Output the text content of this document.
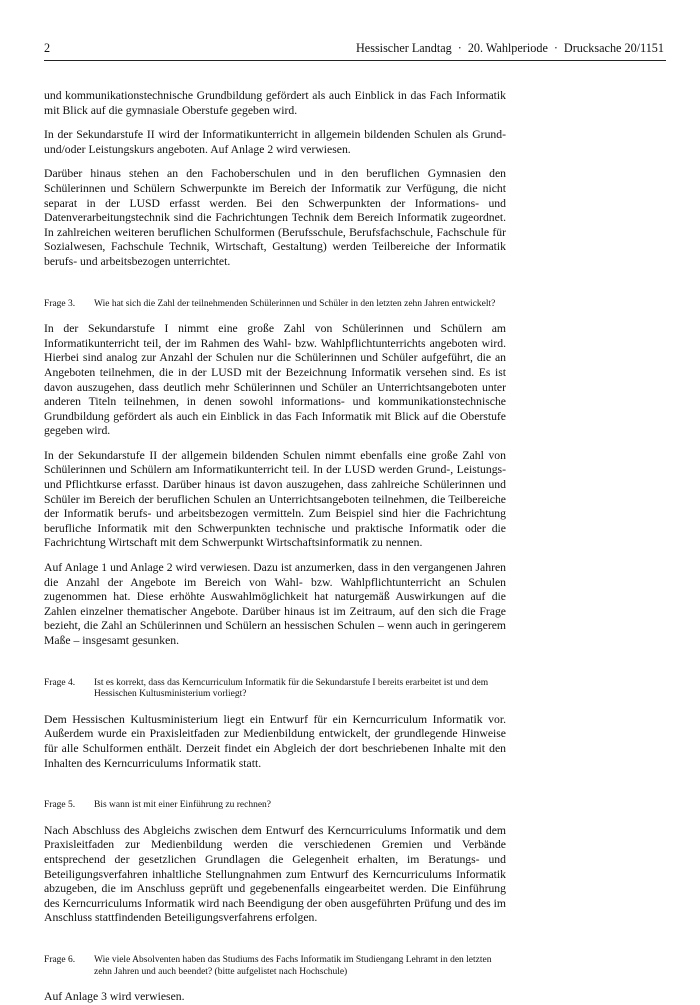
2	Hessischer Landtag · 20. Wahlperiode · Drucksache 20/1151

und kommunikationstechnische Grundbildung gefördert als auch Einblick in das Fach Informatik mit Blick auf die gymnasiale Oberstufe gegeben wird.

In der Sekundarstufe II wird der Informatikunterricht in allgemein bildenden Schulen als Grund- und/oder Leistungskurs angeboten. Auf Anlage 2 wird verwiesen.

Darüber hinaus stehen an den Fachoberschulen und in den beruflichen Gymnasien den Schülerinnen und Schülern Schwerpunkte im Bereich der Informatik zur Verfügung, die nicht separat in der LUSD erfasst werden. Bei den Schwerpunkten der Informations- und Datenverarbeitungstechnik sind die Fachrichtungen Technik dem Bereich Informatik zugeordnet. In zahlreichen weiteren beruflichen Schulformen (Berufsschule, Berufsfachschule, Fachschule für Sozialwesen, Fachschule Technik, Wirtschaft, Gestaltung) werden Teilbereiche der Informatik berufs- und arbeitsbezogen unterrichtet.

Frage 3.	Wie hat sich die Zahl der teilnehmenden Schülerinnen und Schüler in den letzten zehn Jahren entwickelt?

In der Sekundarstufe I nimmt eine große Zahl von Schülerinnen und Schülern am Informatikunterricht teil, der im Rahmen des Wahl- bzw. Wahlpflichtunterrichts angeboten wird. Hierbei sind analog zur Anzahl der Schulen nur die Schülerinnen und Schüler aufgeführt, die an Angeboten teilnehmen, die in der LUSD mit der Bezeichnung Informatik versehen sind. Es ist davon auszugehen, dass deutlich mehr Schülerinnen und Schüler an Unterrichtsangeboten unter anderen Titeln teilnehmen, in denen sowohl informations- und kommunikationstechnische Grundbildung gefördert als auch ein Einblick in das Fach Informatik mit Blick auf die Oberstufe gegeben wird.

In der Sekundarstufe II der allgemein bildenden Schulen nimmt ebenfalls eine große Zahl von Schülerinnen und Schülern am Informatikunterricht teil. In der LUSD werden Grund-, Leistungs- und Pflichtkurse erfasst. Darüber hinaus ist davon auszugehen, dass zahlreiche Schülerinnen und Schüler im Bereich der beruflichen Schulen an Unterrichtsangeboten teilnehmen, die Teilbereiche der Informatik berufs- und arbeitsbezogen vermitteln. Zum Beispiel sind hier die Fachrichtung berufliche Informatik mit den Schwerpunkten technische und praktische Informatik oder die Fachrichtung Wirtschaft mit dem Schwerpunkt Wirtschaftsinformatik zu nennen.

Auf Anlage 1 und Anlage 2 wird verwiesen. Dazu ist anzumerken, dass in den vergangenen Jahren die Anzahl der Angebote im Bereich von Wahl- bzw. Wahlpflichtunterricht an Schulen zugenommen hat. Diese erhöhte Auswahlmöglichkeit hat naturgemäß Auswirkungen auf die Zahlen einzelner thematischer Angebote. Darüber hinaus ist im Zeitraum, auf den sich die Frage bezieht, die Zahl an Schülerinnen und Schülern an hessischen Schulen – wenn auch in geringerem Maße – insgesamt gesunken.

Frage 4.	Ist es korrekt, dass das Kerncurriculum Informatik für die Sekundarstufe I bereits erarbeitet ist und dem Hessischen Kultusministerium vorliegt?

Dem Hessischen Kultusministerium liegt ein Entwurf für ein Kerncurriculum Informatik vor. Außerdem wurde ein Praxisleitfaden zur Medienbildung entwickelt, der grundlegende Hinweise für alle Schulformen enthält. Derzeit findet ein Abgleich der dort beschriebenen Inhalte mit den Inhalten des Kerncurriculums Informatik statt.

Frage 5.	Bis wann ist mit einer Einführung zu rechnen?

Nach Abschluss des Abgleichs zwischen dem Entwurf des Kerncurriculums Informatik und dem Praxisleitfaden zur Medienbildung werden die verschiedenen Gremien und Verbände entsprechend der gesetzlichen Grundlagen die Gelegenheit erhalten, im Beratungs- und Beteiligungsverfahren inhaltliche Stellungnahmen zum Entwurf des Kerncurriculums Informatik abzugeben, die im Anschluss geprüft und gegebenenfalls eingearbeitet werden. Die Einführung des Kerncurriculums Informatik wird nach Beendigung der oben ausgeführten Prüfung und des im Anschluss stattfindenden Beteiligungsverfahrens erfolgen.

Frage 6.	Wie viele Absolventen haben das Studiums des Fachs Informatik im Studiengang Lehramt in den letzten zehn Jahren und auch beendet? (bitte aufgelistet nach Hochschule)

Auf Anlage 3 wird verwiesen.
